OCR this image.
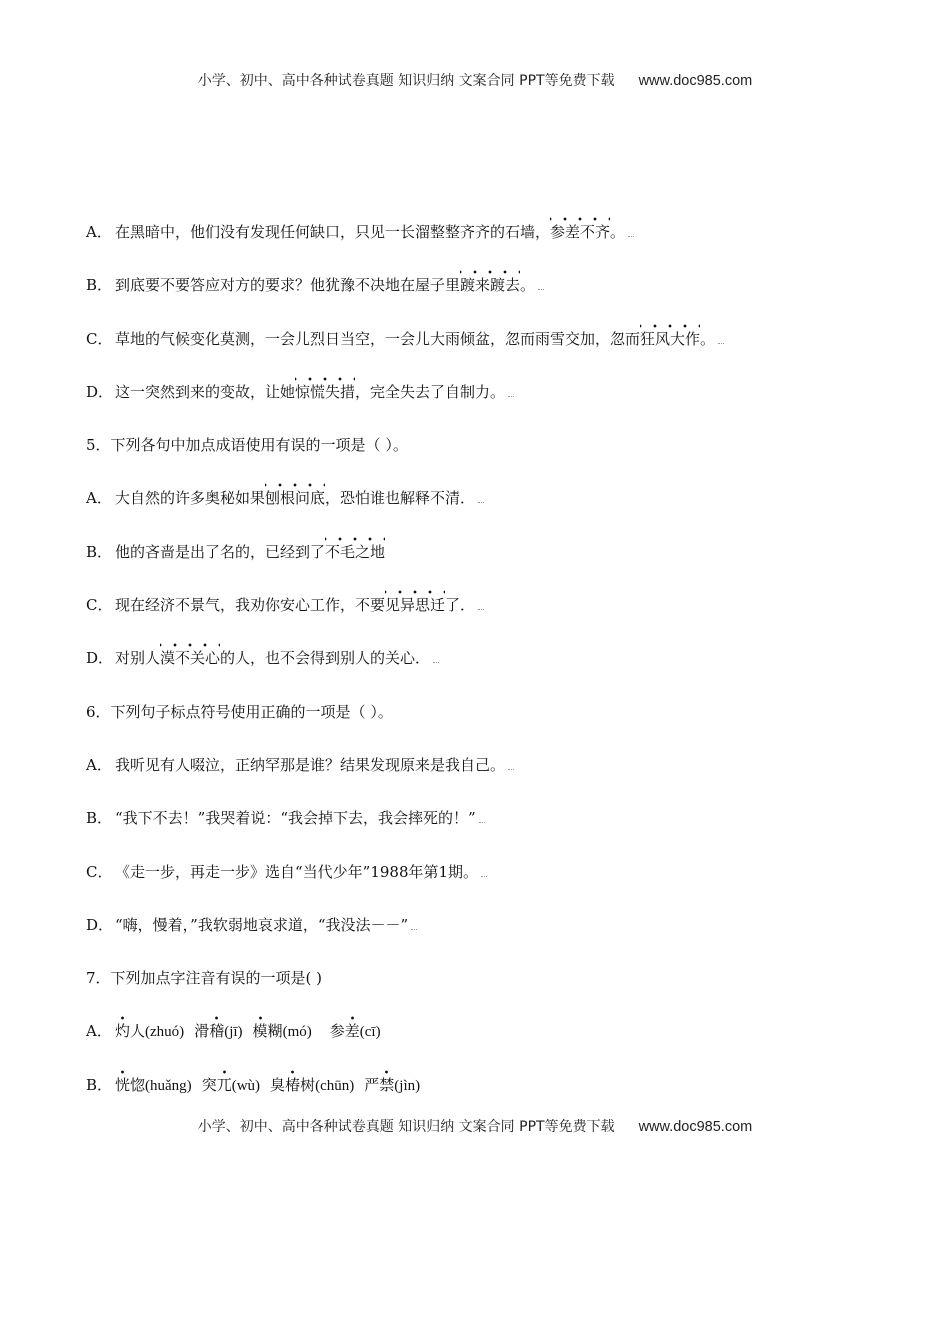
小学、初中、高中各种试卷真题 知识归纳 文案合同 PPT等免费下载 www.doc985.com
A． 在黑暗中，他们没有发现任何缺口，只见一长溜整整齐齐的石墙，参差不齐。
B． 到底要不要答应对方的要求？他犹豫不决地在屋子里踱来踱去。
C． 草地的气候变化莫测，一会儿烈日当空，一会儿大雨倾盆，忽而雨雪交加，忽而狂风大作。
D． 这一突然到来的变故，让她惊慌失措，完全失去了自制力。
5．下列各句中加点成语使用有误的一项是（ ）。
A． 大自然的许多奥秘如果刨根问底，恐怕谁也解释不清．
B． 他的吝啬是出了名的，已经到了不毛之地
C． 现在经济不景气，我劝你安心工作，不要见异思迁了．
D． 对别人漠不关心的人，也不会得到别人的关心．
6．下列句子标点符号使用正确的一项是（ ）。
A． 我听见有人啜泣，正纳罕那是谁？结果发现原来是我自己。
B． “我下不去！”我哭着说：“我会掉下去，我会摔死的！”
C． 《走一步，再走一步》选自“当代少年”1988年第1期。
D． “嗨，慢着，”我软弱地哀求道，“我没法－－”
7．下列加点字注音有误的一项是( )
A． 灼人(zhuó) 滑稽(jī) 模糊(mó) 参差(cī)
B． 恍惚(huǎng) 突兀(wù) 臭椿树(chūn) 严禁(jìn)
小学、初中、高中各种试卷真题 知识归纳 文案合同 PPT等免费下载 www.doc985.com
